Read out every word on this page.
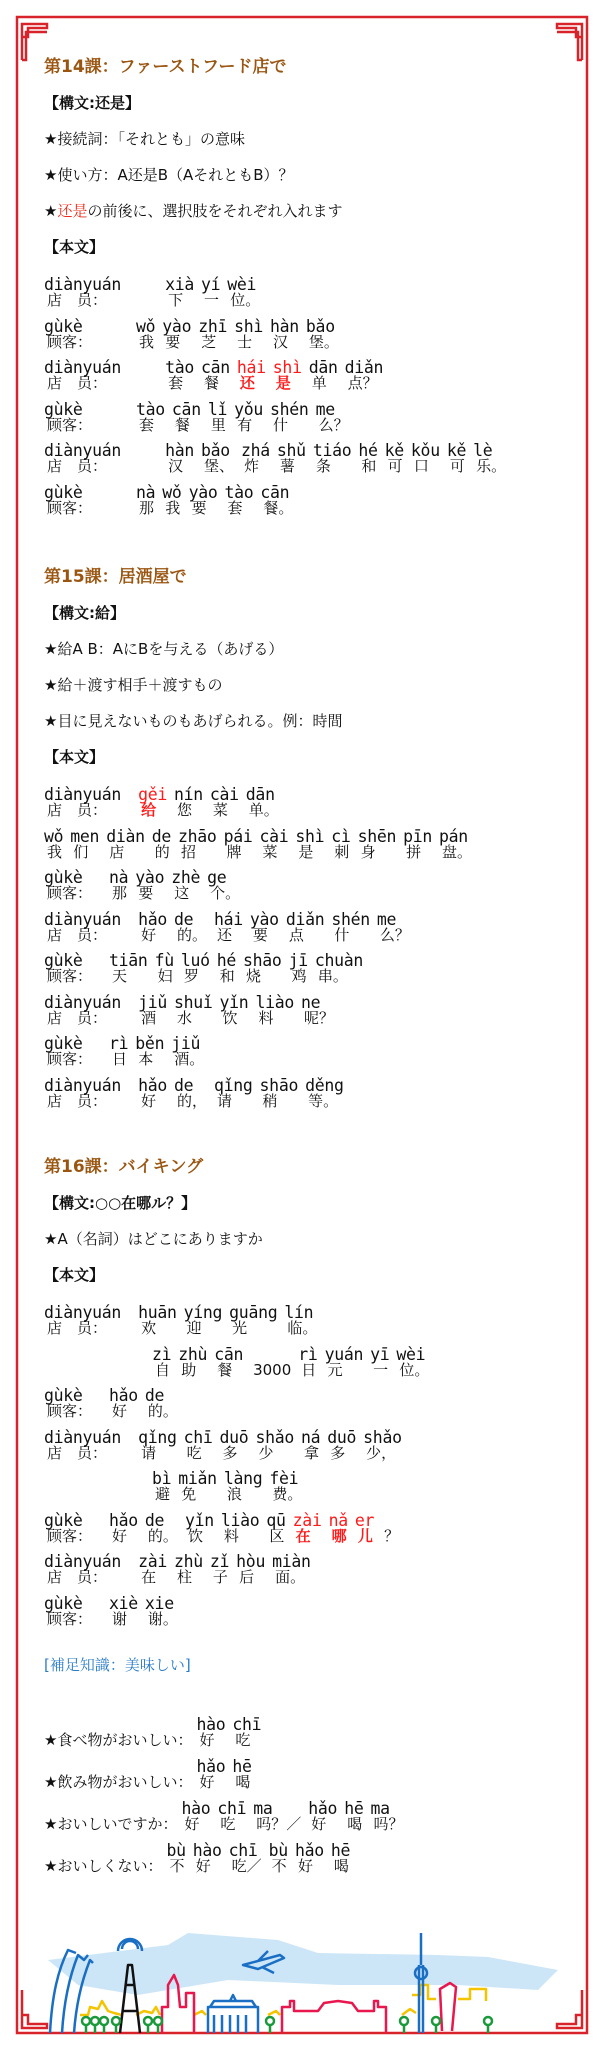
第14課：ファーストフード店で
【構文:还是】
★接続詞：「それとも」の意味
★使い方：A还是B（AそれともB）？
★还是の前後に、選択肢をそれぞれ入れます
【本文】
diànyuán
店　员：
xià
下
yí
一
wèi
位。
gùkè
顾客：
wǒ
我
yào
要
zhī
芝
shì
士
hàn
汉
bǎo
堡。
diànyuán
店　员：
tào
套
cān
餐
hái
还
shì
是
dān
单
diǎn
点？
gùkè
顾客：
tào
套
cān
餐
lǐ
里
yǒu
有
shén
什
me
么？
diànyuán
店　员：
hàn
汉
bǎo
堡、
zhá
炸
shǔ
薯
tiáo
条
hé
和
kě
可
kǒu
口
kě
可
lè
乐。
gùkè
顾客：
nà
那
wǒ
我
yào
要
tào
套
cān
餐。
第15課：居酒屋で
【構文:給】
★給A B：AにBを与える（あげる）
★給＋渡す相手＋渡すもの
★目に見えないものもあげられる。例：時間
【本文】
diànyuán
店　员：
gěi
给
nín
您
cài
菜
dān
单。
wǒ
我
men
们
diàn
店
de
的
zhāo
招
pái
牌
cài
菜
shì
是
cì
刺
shēn
身
pīn
拼
pán
盘。
gùkè
顾客：
nà
那
yào
要
zhè
这
ge
个。
diànyuán
店　员：
hǎo
好
de
的。
hái
还
yào
要
diǎn
点
shén
什
me
么？
gùkè
顾客：
tiān
天
fù
妇
luó
罗
hé
和
shāo
烧
jī
鸡
chuàn
串。
diànyuán
店　员：
jiǔ
酒
shuǐ
水
yǐn
饮
liào
料
ne
呢？
gùkè
顾客：
rì
日
běn
本
jiǔ
酒。
diànyuán
店　员：
hǎo
好
de
的，
qǐng
请
shāo
稍
děng
等。
第16課：バイキング
【構文:○○在哪ル？】
★A（名詞）はどこにありますか
【本文】
diànyuán
店　员：
huān
欢
yíng
迎
guāng
光
lín
临。
zì
自
zhù
助
cān
餐	3000
rì
日
yuán
元
yī
一
wèi
位。
gùkè
顾客：
hǎo
好
de
的。
diànyuán
店　员：
qǐng
请
chī
吃
duō
多
shǎo
少
ná
拿
duō
多
shǎo
少，
bì
避
miǎn
免
làng
浪
fèi
费。
gùkè
顾客：
hǎo
好
de
的。
yǐn
饮
liào
料
qū
区
zài
在
nǎ
哪
er
儿 ？
diànyuán
店　员：
zài
在
zhù
柱
zǐ
子
hòu
后
miàn
面。
gùkè
顾客：
xiè
谢
xie
谢。
[補足知識：美味しい]
★食べ物がおいしい：
hào
好
chī
吃
★飲み物がおいしい：
hǎo
好
hē
喝
★おいしいですか：
hào
好
chī
吃
ma
吗？／
hǎo
好
hē
喝
ma
吗？
★おいしくない：
bù
不
hào
好
chī
吃／
bù
不
hǎo
好
hē
喝
